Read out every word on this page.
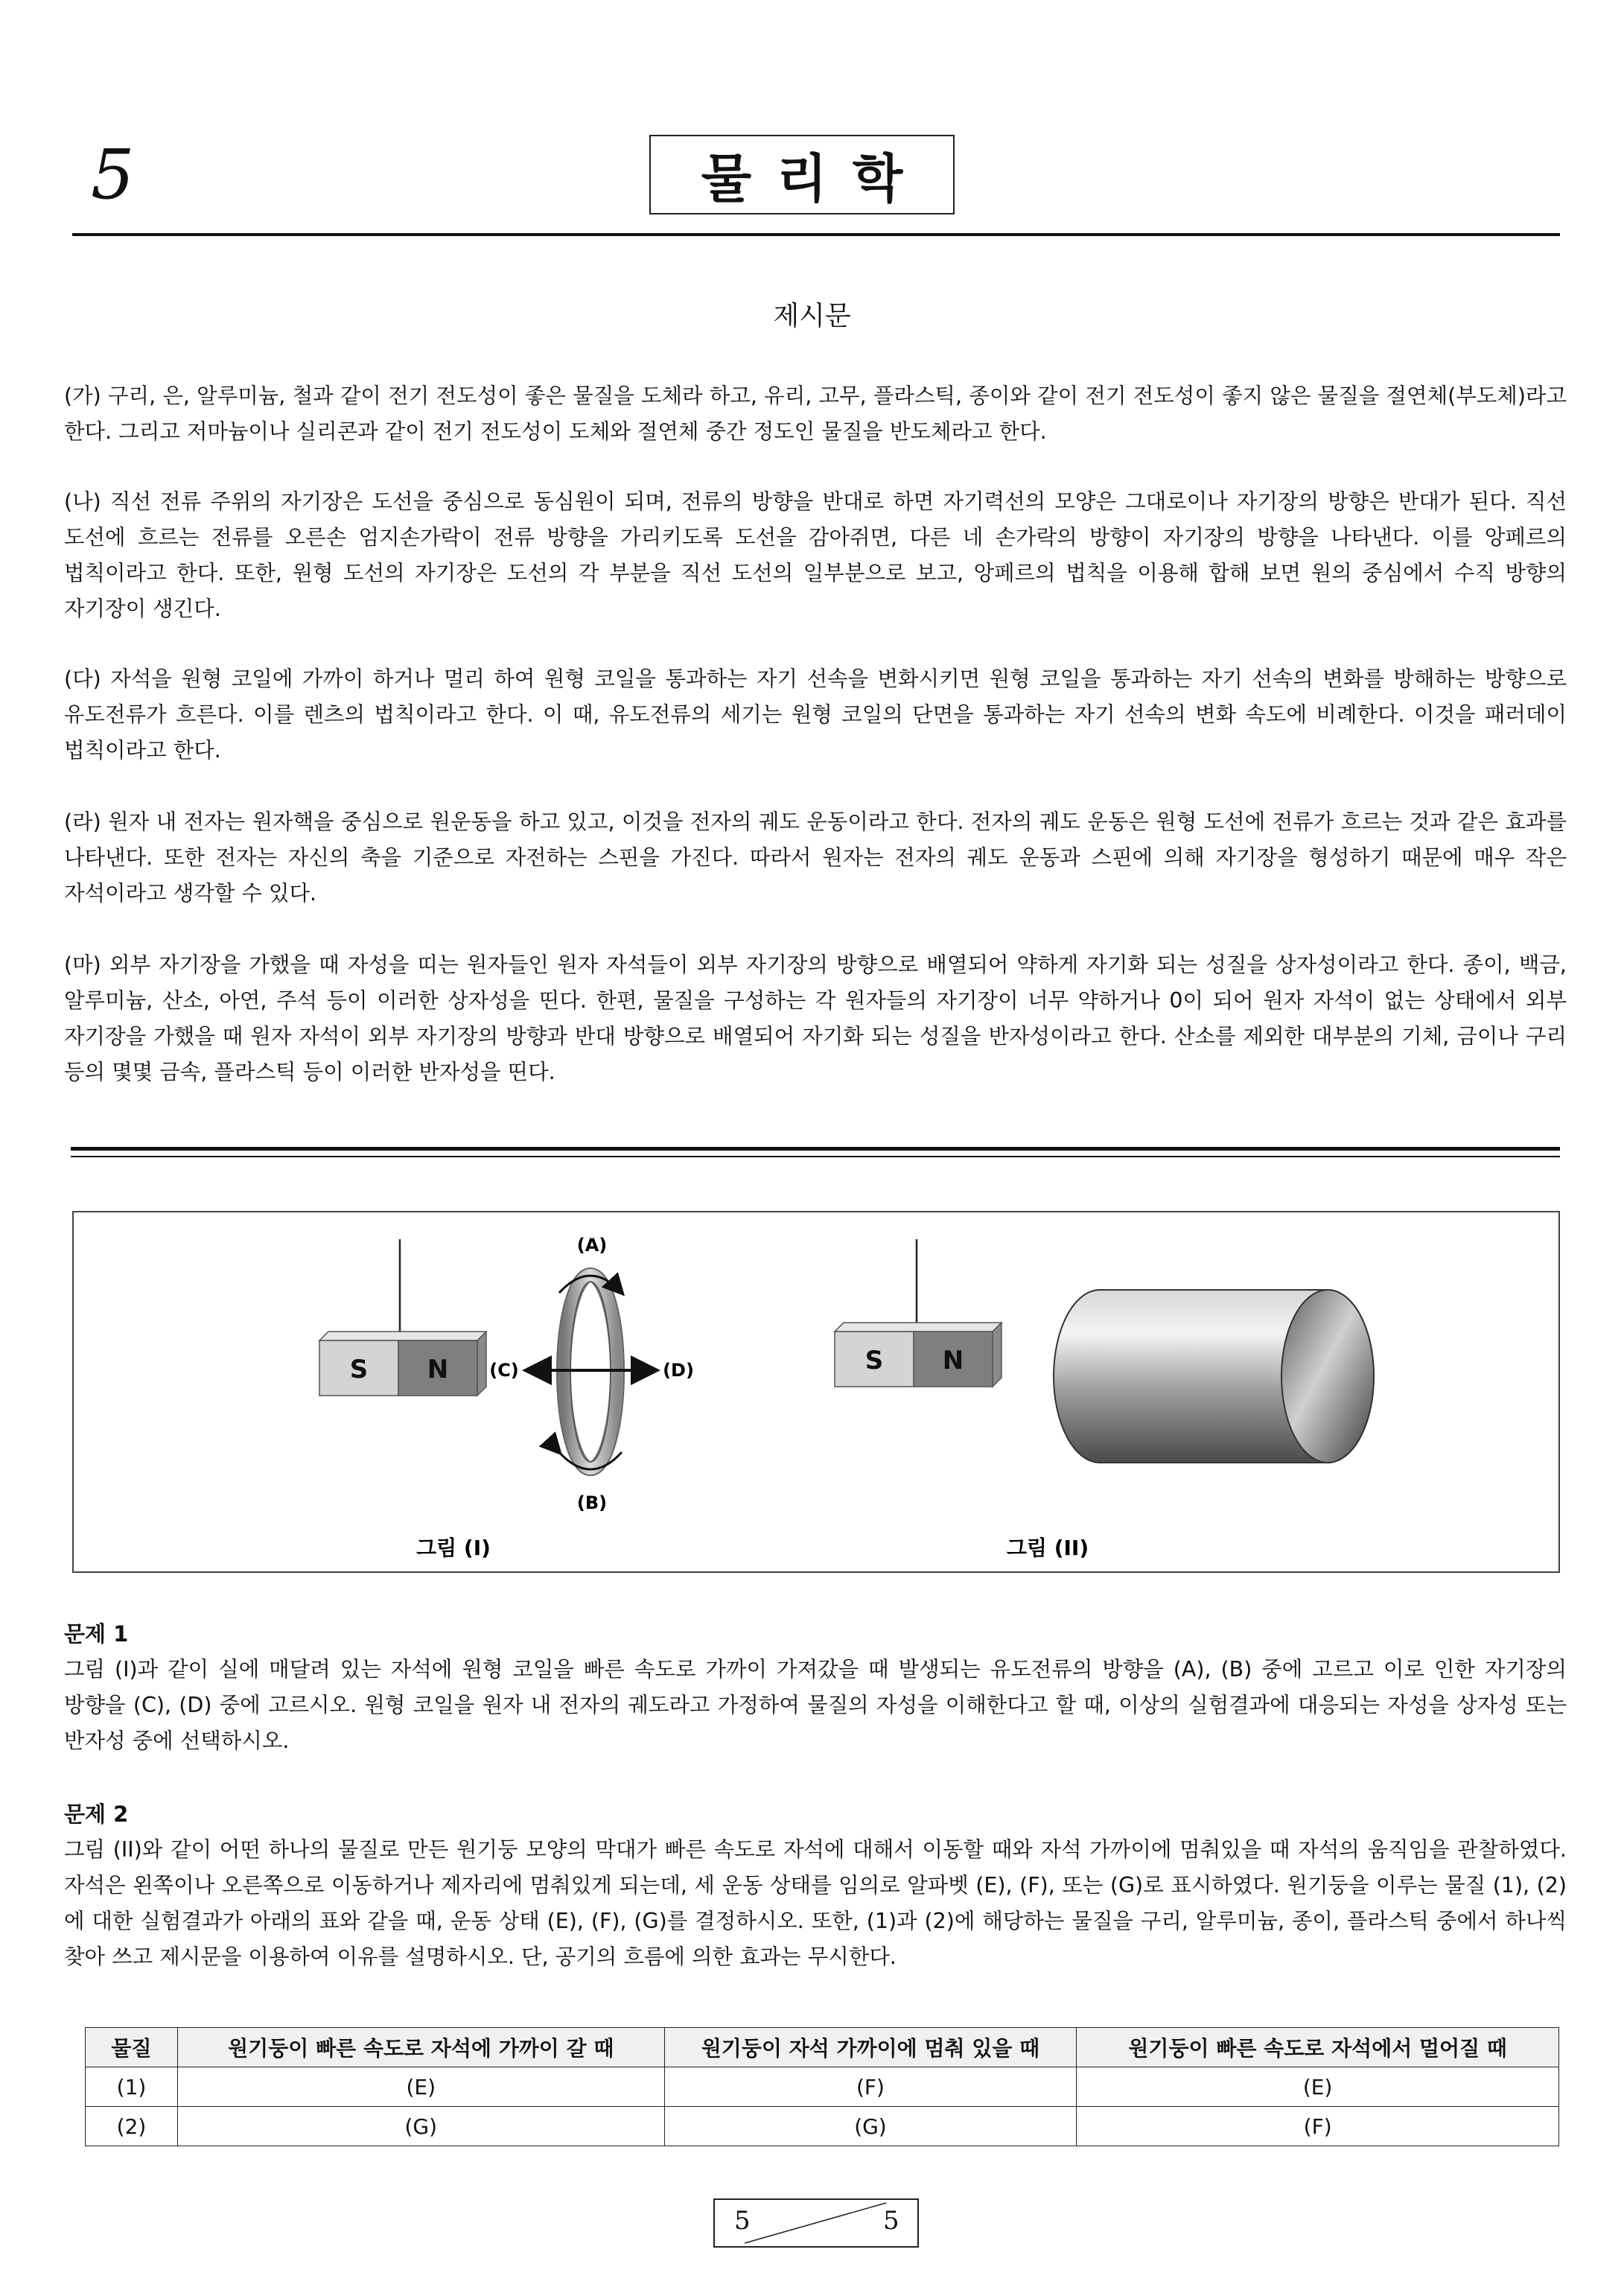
5	물리학
제시문
(가) 구리, 은, 알루미늄, 철과 같이 전기 전도성이 좋은 물질을 도체라 하고, 유리, 고무, 플라스틱, 종이와 같이 전기 전도성이 좋지 않은 물질을 절연체(부도체)라고 한다. 그리고 저마늄이나 실리콘과 같이 전기 전도성이 도체와 절연체 중간 정도인 물질을 반도체라고 한다.
(나) 직선 전류 주위의 자기장은 도선을 중심으로 동심원이 되며, 전류의 방향을 반대로 하면 자기력선의 모양은 그대로이나 자기장의 방향은 반대가 된다. 직선 도선에 흐르는 전류를 오른손 엄지손가락이 전류 방향을 가리키도록 도선을 감아쥐면, 다른 네 손가락의 방향이 자기장의 방향을 나타낸다. 이를 앙페르의 법칙이라고 한다. 또한, 원형 도선의 자기장은 도선의 각 부분을 직선 도선의 일부분으로 보고, 앙페르의 법칙을 이용해 합해 보면 원의 중심에서 수직 방향의 자기장이 생긴다.
(다) 자석을 원형 코일에 가까이 하거나 멀리 하여 원형 코일을 통과하는 자기 선속을 변화시키면 원형 코일을 통과하는 자기 선속의 변화를 방해하는 방향으로 유도전류가 흐른다. 이를 렌츠의 법칙이라고 한다. 이 때, 유도전류의 세기는 원형 코일의 단면을 통과하는 자기 선속의 변화 속도에 비례한다. 이것을 패러데이 법칙이라고 한다.
(라) 원자 내 전자는 원자핵을 중심으로 원운동을 하고 있고, 이것을 전자의 궤도 운동이라고 한다. 전자의 궤도 운동은 원형 도선에 전류가 흐르는 것과 같은 효과를 나타낸다. 또한 전자는 자신의 축을 기준으로 자전하는 스핀을 가진다. 따라서 원자는 전자의 궤도 운동과 스핀에 의해 자기장을 형성하기 때문에 매우 작은 자석이라고 생각할 수 있다.
(마) 외부 자기장을 가했을 때 자성을 띠는 원자들인 원자 자석들이 외부 자기장의 방향으로 배열되어 약하게 자기화 되는 성질을 상자성이라고 한다. 종이, 백금, 알루미늄, 산소, 아연, 주석 등이 이러한 상자성을 띤다. 한편, 물질을 구성하는 각 원자들의 자기장이 너무 약하거나 0이 되어 원자 자석이 없는 상태에서 외부 자기장을 가했을 때 원자 자석이 외부 자기장의 방향과 반대 방향으로 배열되어 자기화 되는 성질을 반자성이라고 한다. 산소를 제외한 대부분의 기체, 금이나 구리 등의 몇몇 금속, 플라스틱 등이 이러한 반자성을 띤다.
S N
(A)
(B)
(C)	(D)	S N
그림 (I)	그림 (II)
문제 1
그림 (I)과 같이 실에 매달려 있는 자석에 원형 코일을 빠른 속도로 가까이 가져갔을 때 발생되는 유도전류의 방향을 (A), (B) 중에 고르고 이로 인한 자기장의 방향을 (C), (D) 중에 고르시오. 원형 코일을 원자 내 전자의 궤도라고 가정하여 물질의 자성을 이해한다고 할 때, 이상의 실험결과에 대응되는 자성을 상자성 또는 반자성 중에 선택하시오.
문제 2
그림 (II)와 같이 어떤 하나의 물질로 만든 원기둥 모양의 막대가 빠른 속도로 자석에 대해서 이동할 때와 자석 가까이에 멈춰있을 때 자석의 움직임을 관찰하였다. 자석은 왼쪽이나 오른쪽으로 이동하거나 제자리에 멈춰있게 되는데, 세 운동 상태를 임의로 알파벳 (E), (F), 또는 (G)로 표시하였다. 원기둥을 이루는 물질 (1), (2)에 대한 실험결과가 아래의 표와 같을 때, 운동 상태 (E), (F), (G)를 결정하시오. 또한, (1)과 (2)에 해당하는 물질을 구리, 알루미늄, 종이, 플라스틱 중에서 하나씩 찾아 쓰고 제시문을 이용하여 이유를 설명하시오. 단, 공기의 흐름에 의한 효과는 무시한다.
물질	원기둥이 빠른 속도로 자석에 가까이 갈 때	원기둥이 자석 가까이에 멈춰 있을 때	원기둥이 빠른 속도로 자석에서 멀어질 때
(1)	(E)	(F)	(E)
(2)	(G)	(G)	(F)
5	5
